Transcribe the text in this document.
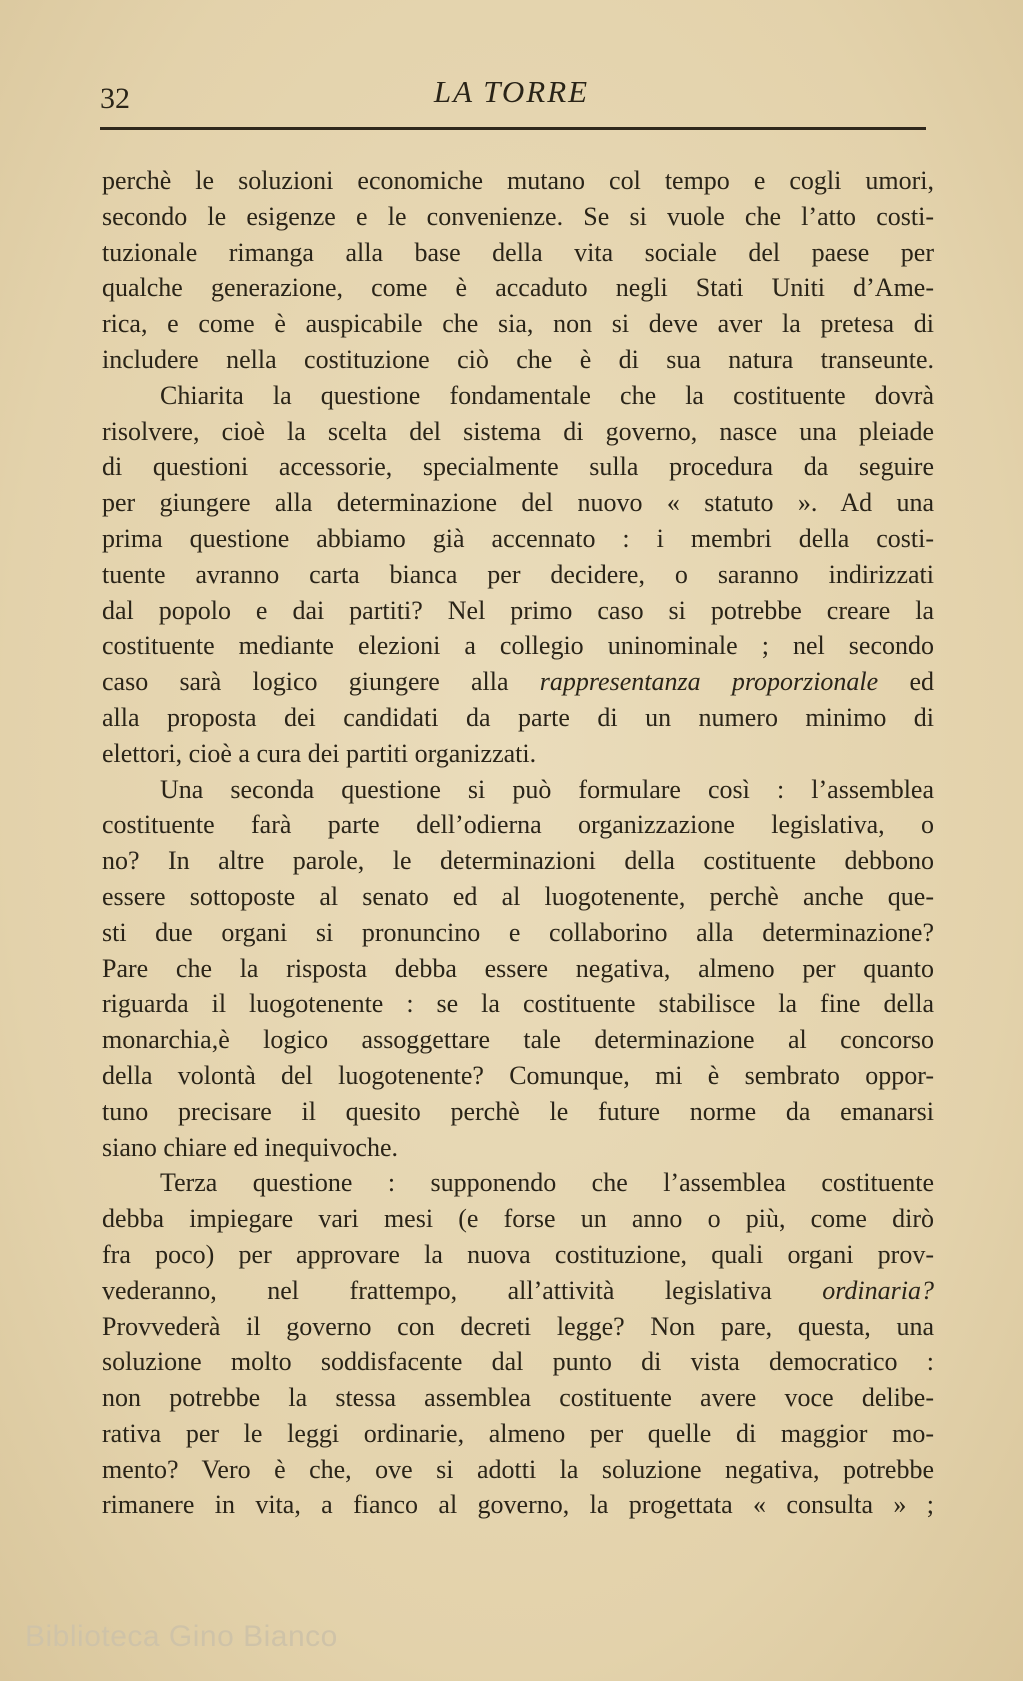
32	LA TORRE
perchè le soluzioni economiche mutano col tempo e cogli umori,
secondo le esigenze e le convenienze. Se si vuole che l’atto costi-
tuzionale rimanga alla base della vita sociale del paese per
qualche generazione, come è accaduto negli Stati Uniti d’Ame-
rica, e come è auspicabile che sia, non si deve aver la pretesa di
includere nella costituzione ciò che è di sua natura transeunte.
Chiarita la questione fondamentale che la costituente dovrà
risolvere, cioè la scelta del sistema di governo, nasce una pleiade
di questioni accessorie, specialmente sulla procedura da seguire
per giungere alla determinazione del nuovo « statuto ». Ad una
prima questione abbiamo già accennato : i membri della costi-
tuente avranno carta bianca per decidere, o saranno indirizzati
dal popolo e dai partiti? Nel primo caso si potrebbe creare la
costituente mediante elezioni a collegio uninominale ; nel secondo
caso sarà logico giungere alla rappresentanza proporzionale ed
alla proposta dei candidati da parte di un numero minimo di
elettori, cioè a cura dei partiti organizzati.
Una seconda questione si può formulare così : l’assemblea
costituente farà parte dell’odierna organizzazione legislativa, o
no? In altre parole, le determinazioni della costituente debbono
essere sottoposte al senato ed al luogotenente, perchè anche que-
sti due organi si pronuncino e collaborino alla determinazione?
Pare che la risposta debba essere negativa, almeno per quanto
riguarda il luogotenente : se la costituente stabilisce la fine della
monarchia,è logico assoggettare tale determinazione al concorso
della volontà del luogotenente? Comunque, mi è sembrato oppor-
tuno precisare il quesito perchè le future norme da emanarsi
siano chiare ed inequivoche.
Terza questione : supponendo che l’assemblea costituente
debba impiegare vari mesi (e forse un anno o più, come dirò
fra poco) per approvare la nuova costituzione, quali organi prov-
vederanno, nel frattempo, all’attività legislativa ordinaria?
Provvederà il governo con decreti legge? Non pare, questa, una
soluzione molto soddisfacente dal punto di vista democratico :
non potrebbe la stessa assemblea costituente avere voce delibe-
rativa per le leggi ordinarie, almeno per quelle di maggior mo-
mento? Vero è che, ove si adotti la soluzione negativa, potrebbe
rimanere in vita, a fianco al governo, la progettata « consulta » ;
Biblioteca Gino Bianco
